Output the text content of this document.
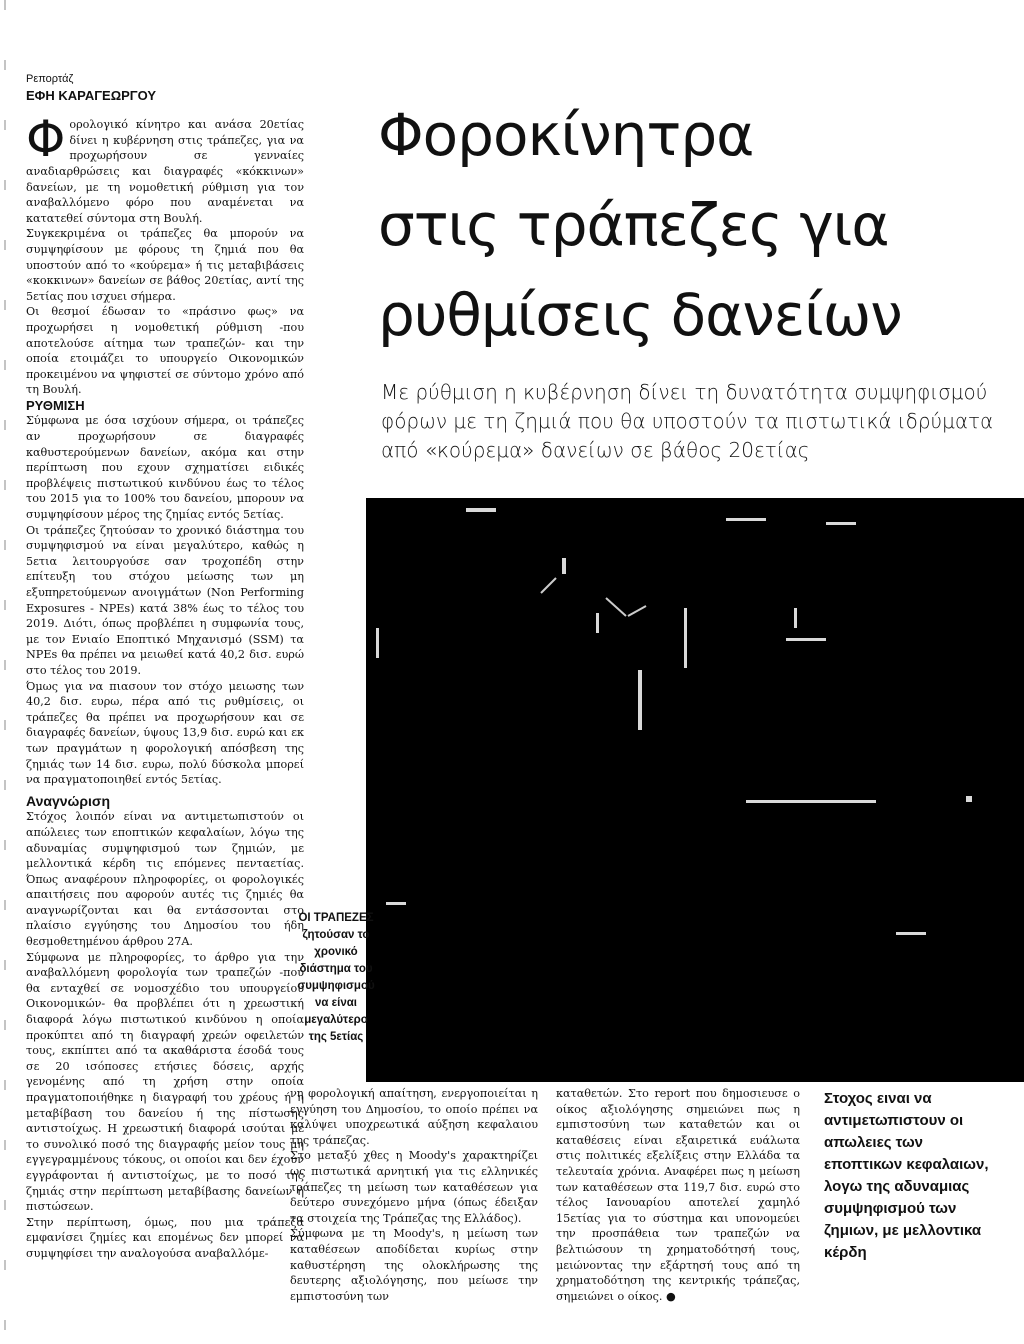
Ρεπορτάζ

ΕΦΗ ΚΑΡΑΓΕΩΡΓΟΥ

Φορολογικό κίνητρο και ανάσα 20ετίας δίνει η κυβέρνηση στις τράπεζες, για να προχωρήσουν σε γενναίες αναδιαρθρώσεις και διαγραφές «κόκκινων» δανείων, με τη νομοθετική ρύθμιση για τον αναβαλλόμενο φόρο που αναμένεται να κατατεθεί σύντομα στη Βουλή.

Συγκεκριμένα οι τράπεζες θα μπορούν να συμψηφίσουν με φόρους τη ζημιά που θα υποστούν από το «κούρεμα» ή τις μεταβιβάσεις «κοκκινων» δανείων σε βάθος 20ετίας, αντί της 5ετίας που ισχυει σήμερα.

Οι θεσμοί έδωσαν το «πράσινο φως» να προχωρήσει η νομοθετική ρύθμιση -που αποτελούσε αίτημα των τραπεζών- και την οποία ετοιμάζει το υπουργείο Οικονομικών προκειμένου να ψηφιστεί σε σύντομο χρόνο από τη Βουλή.

ΡΥΘΜΙΣΗ

Σύμφωνα με όσα ισχύουν σήμερα, οι τράπεζες αν προχωρήσουν σε διαγραφές καθυστερούμενων δανείων, ακόμα και στην περίπτωση που εχουν σχηματίσει ειδικές προβλέψεις πιστωτικού κινδύνου έως το τέλος του 2015 για το 100% του δανείου, μπορουν να συμψηφίσουν μέρος της ζημίας εντός 5ετίας.

Οι τράπεζες ζητούσαν το χρονικό διάστημα του συμψηφισμού να είναι μεγαλύτερο, καθώς η 5ετια λειτουργούσε σαν τροχοπέδη στην επίτευξη του στόχου μείωσης των μη εξυπηρετούμενων ανοιγμάτων (Non Performing Exposures - NPEs) κατά 38% έως το τέλος του 2019. Διότι, όπως προβλέπει η συμφωνία τους, με τον Ενιαίο Εποπτικό Μηχανισμό (SSM) τα NPEs θα πρέπει να μειωθεί κατά 40,2 δισ. ευρώ στο τέλος του 2019.

Όμως για να πιασουν τον στόχο μειωσης των 40,2 δισ. ευρω, πέρα από τις ρυθμίσεις, οι τράπεζες θα πρέπει να προχωρήσουν και σε διαγραφές δανείων, ύψους 13,9 δισ. ευρώ και εκ των πραγμάτων η φορολογική απόσβεση της ζημιάς των 14 δισ. ευρω, πολύ δύσκολα μπορεί να πραγματοποιηθεί εντός 5ετίας.

Αναγνώριση

Στόχος λοιπόν είναι να αντιμετωπιστούν οι απώλειες των εποπτικών κεφαλαίων, λόγω της αδυναμίας συμψηφισμού των ζημιών, με μελλοντικά κέρδη τις επόμενες πενταετίας. Όπως αναφέρουν πληροφορίες, οι φορολογικές απαιτήσεις που αφορούν αυτές τις ζημιές θα αναγνωρίζονται και θα εντάσσονται στο πλαίσιο εγγύησης του Δημοσίου του ήδη θεσμοθετημένου άρθρου 27Α.

Σύμφωνα με πληροφορίες, το άρθρο για την αναβαλλόμενη φορολογία των τραπεζών -που θα ενταχθεί σε νομοσχέδιο του υπουργείου Οικονομικών- θα προβλέπει ότι η χρεωστική διαφορά λόγω πιστωτικού κινδύνου η οποία προκύπτει από τη διαγραφή χρεών οφειλετών τους, εκπίπτει από τα ακαθάριστα έσοδά τους σε 20 ισόποσες ετήσιες δόσεις, αρχής γενομένης από τη χρήση στην οποία πραγματοποιήθηκε η διαγραφή του χρέους ή η μεταβίβαση του δανείου ή της πίστωσης αντιστοίχως. Η χρεωστική διαφορά ισούται με το συνολικό ποσό της διαγραφής μείον τους μη εγγεγραμμένους τόκους, οι οποίοι και δεν έχουν εγγράφονται ή αντιστοίχως, με το ποσό της ζημιάς στην περίπτωση μεταβίβασης δανείων ή πιστώσεων.

Στην περίπτωση, όμως, που μια τράπεζα εμφανίσει ζημίες και επομένως δεν μπορεί να συμψηφίσει την αναλογούσα αναβαλλόμε-

Φοροκίνητρα
στις τράπεζες για
ρυθμίσεις δανείων
Με ρύθμιση η κυβέρνηση δίνει τη δυνατότητα συμψηφισμού φόρων με τη ζημιά που θα υποστούν τα πιστωτικά ιδρύματα από «κούρεμα» δανείων σε βάθος 20ετίας
ΟΙ ΤΡΑΠΕΖΕΣ ζητούσαν το χρονικό διάστημα του συμψηφισμού να είναι μεγαλύτερο της 5ετίας

νη φορολογική απαίτηση, ενεργοποιείται η εγγύηση του Δημοσίου, το οποίο πρέπει να καλύψει υποχρεωτικά αύξηση κεφαλαιου της τράπεζας.

Στο μεταξύ χθες η Moody's χαρακτηρίζει ως πιστωτικά αρνητική για τις ελληνικές τράπεζες τη μείωση των καταθέσεων για δεύτερο συνεχόμενο μήνα (όπως έδειξαν τα στοιχεία της Τράπεζας της Ελλάδος).

Σύμφωνα με τη Moody's, η μείωση των καταθέσεων αποδίδεται κυρίως στην καθυστέρηση της ολοκλήρωσης της δευτερης αξιολόγησης, που μείωσε την εμπιστοσύνη των

καταθετών. Στο report που δημοσιευσε ο οίκος αξιολόγησης σημειώνει πως η εμπιστοσύνη των καταθετών και οι καταθέσεις είναι εξαιρετικά ευάλωτα στις πολιτικές εξελίξεις στην Ελλάδα τα τελευταία χρόνια. Αναφέρει πως η μείωση των καταθέσεων στα 119,7 δισ. ευρώ στο τέλος Ιανουαρίου αποτελεί χαμηλό 15ετίας για το σύστημα και υπονομεύει την προσπάθεια των τραπεζών να βελτιώσουν τη χρηματοδότησή τους, μειώνοντας την εξάρτησή τους από τη χρηματοδότηση της κεντρικής τράπεζας, σημειώνει ο οίκος. ●

Στοχος ειναι να αντιμετωπιστουν οι απωλειες των εποπτικων κεφαλαιων, λογω της αδυναμιας συμψηφισμού των ζημιων, με μελλοντικα κέρδη
